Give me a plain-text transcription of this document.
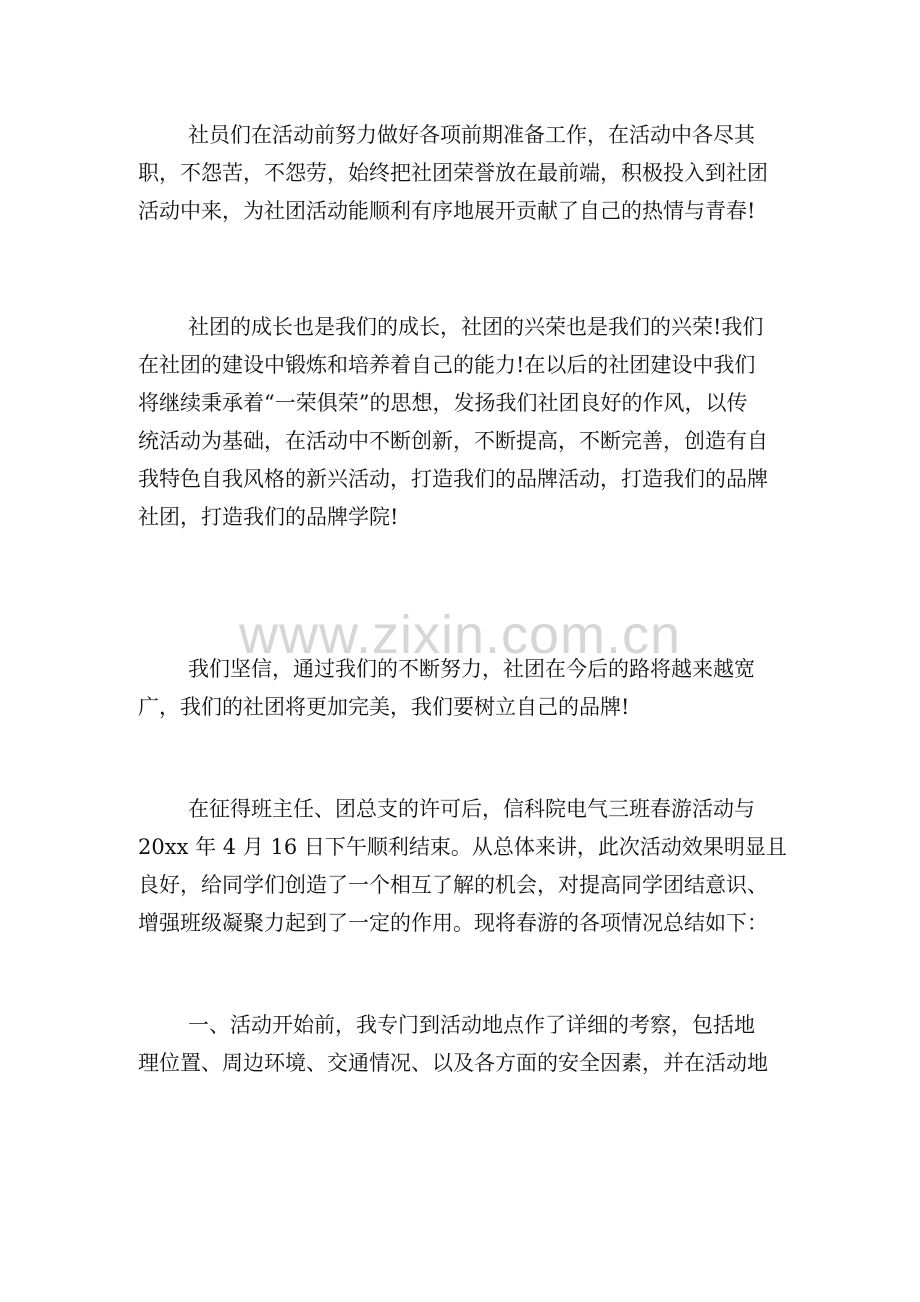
社员们在活动前努力做好各项前期准备工作，在活动中各尽其
职，不怨苦，不怨劳，始终把社团荣誉放在最前端，积极投入到社团
活动中来，为社团活动能顺利有序地展开贡献了自己的热情与青春!
社团的成长也是我们的成长，社团的兴荣也是我们的兴荣!我们
在社团的建设中锻炼和培养着自己的能力!在以后的社团建设中我们
将继续秉承着“一荣俱荣”的思想，发扬我们社团良好的作风，以传
统活动为基础，在活动中不断创新，不断提高，不断完善，创造有自
我特色自我风格的新兴活动，打造我们的品牌活动，打造我们的品牌
社团，打造我们的品牌学院!
我们坚信，通过我们的不断努力，社团在今后的路将越来越宽
广，我们的社团将更加完美，我们要树立自己的品牌!
在征得班主任、团总支的许可后，信科院电气三班春游活动与
20xx 年 4 月 16 日下午顺利结束。从总体来讲，此次活动效果明显且
良好，给同学们创造了一个相互了解的机会，对提高同学团结意识、
增强班级凝聚力起到了一定的作用。现将春游的各项情况总结如下：
一、活动开始前，我专门到活动地点作了详细的考察，包括地
理位置、周边环境、交通情况、以及各方面的安全因素，并在活动地
www.zixin.com.cn
